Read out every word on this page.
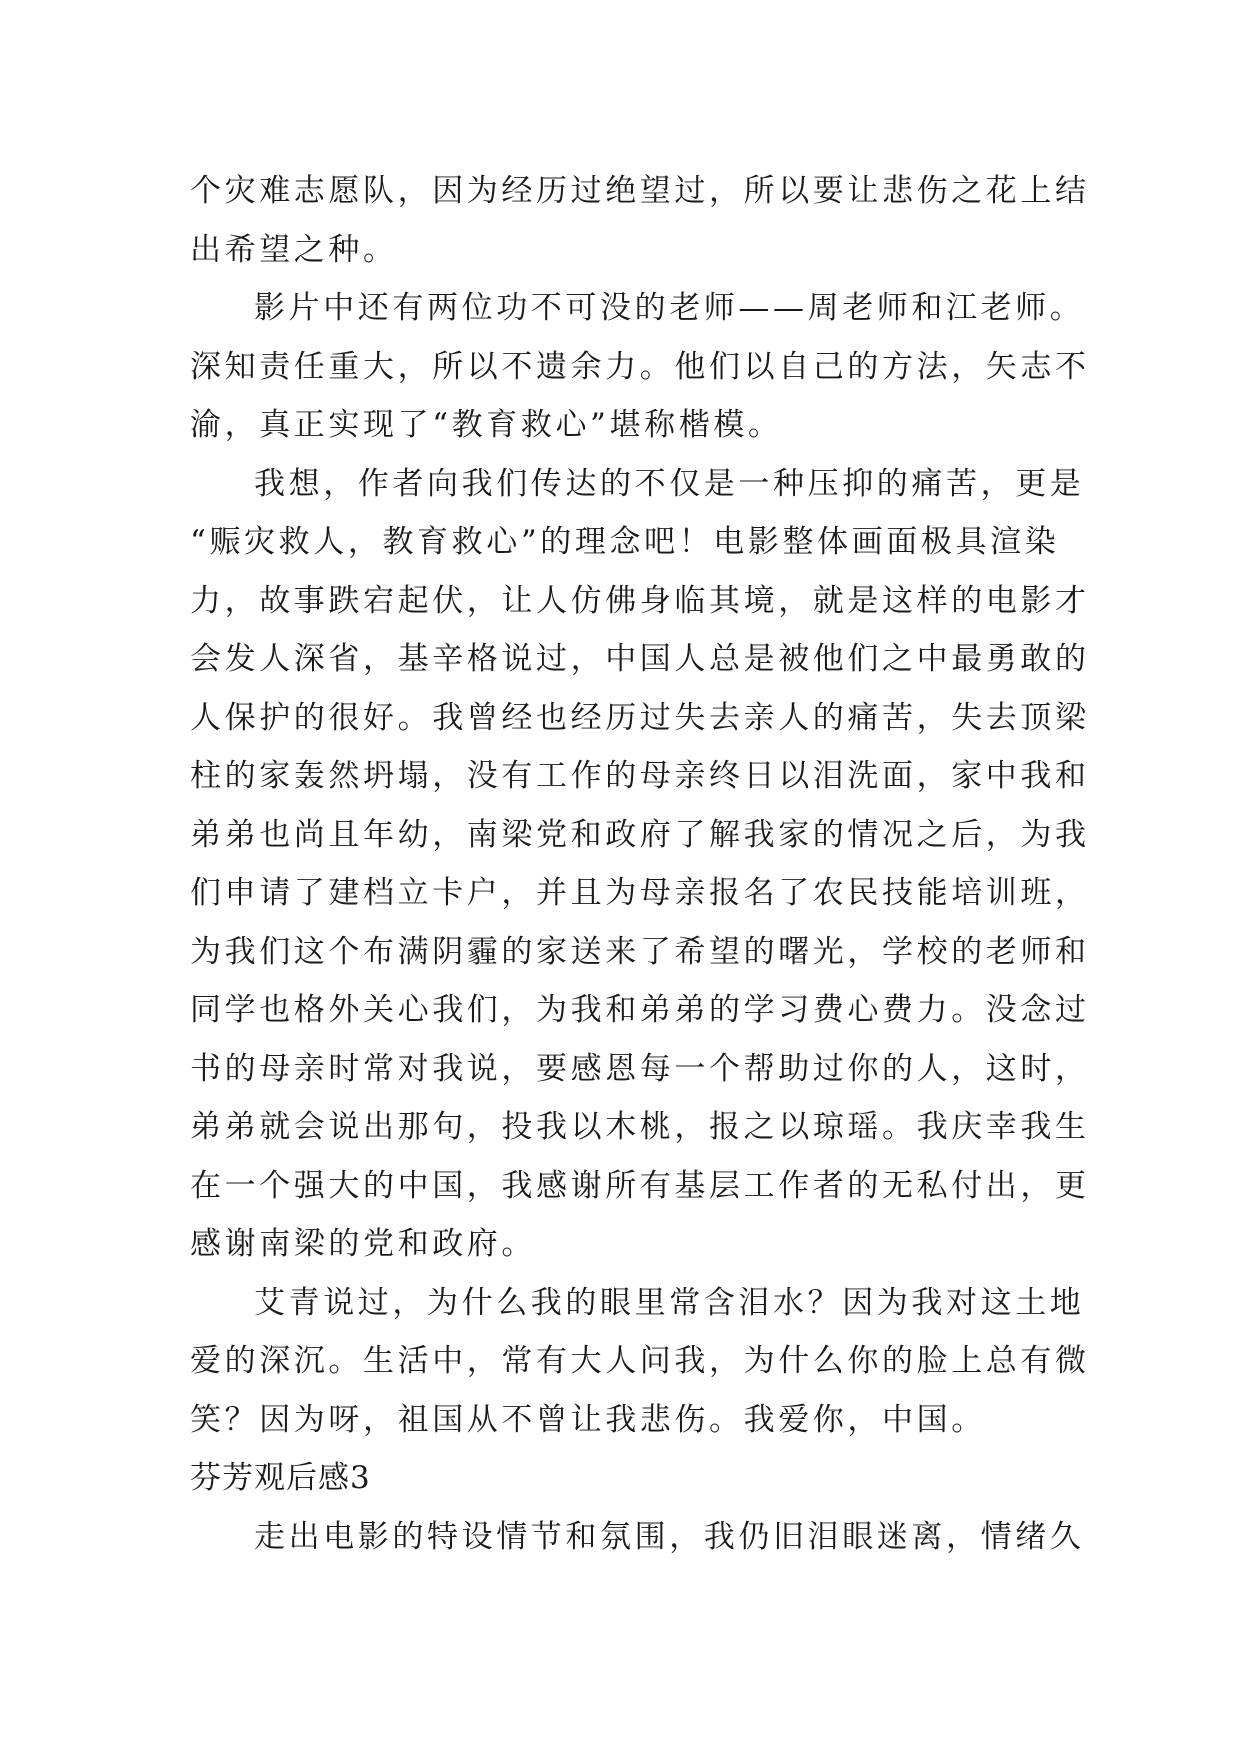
个灾难志愿队，因为经历过绝望过，所以要让悲伤之花上结
出希望之种。
影片中还有两位功不可没的老师——周老师和江老师。
深知责任重大，所以不遗余力。他们以自己的方法，矢志不
渝，真正实现了“教育救心”堪称楷模。
我想，作者向我们传达的不仅是一种压抑的痛苦，更是
“赈灾救人，教育救心”的理念吧！电影整体画面极具渲染
力，故事跌宕起伏，让人仿佛身临其境，就是这样的电影才
会发人深省，基辛格说过，中国人总是被他们之中最勇敢的
人保护的很好。我曾经也经历过失去亲人的痛苦，失去顶梁
柱的家轰然坍塌，没有工作的母亲终日以泪洗面，家中我和
弟弟也尚且年幼，南梁党和政府了解我家的情况之后，为我
们申请了建档立卡户，并且为母亲报名了农民技能培训班，
为我们这个布满阴霾的家送来了希望的曙光，学校的老师和
同学也格外关心我们，为我和弟弟的学习费心费力。没念过
书的母亲时常对我说，要感恩每一个帮助过你的人，这时，
弟弟就会说出那句，投我以木桃，报之以琼瑶。我庆幸我生
在一个强大的中国，我感谢所有基层工作者的无私付出，更
感谢南梁的党和政府。
艾青说过，为什么我的眼里常含泪水？因为我对这土地
爱的深沉。生活中，常有大人问我，为什么你的脸上总有微
笑？因为呀，祖国从不曾让我悲伤。我爱你，中国。
芬芳观后感3
走出电影的特设情节和氛围，我仍旧泪眼迷离，情绪久
